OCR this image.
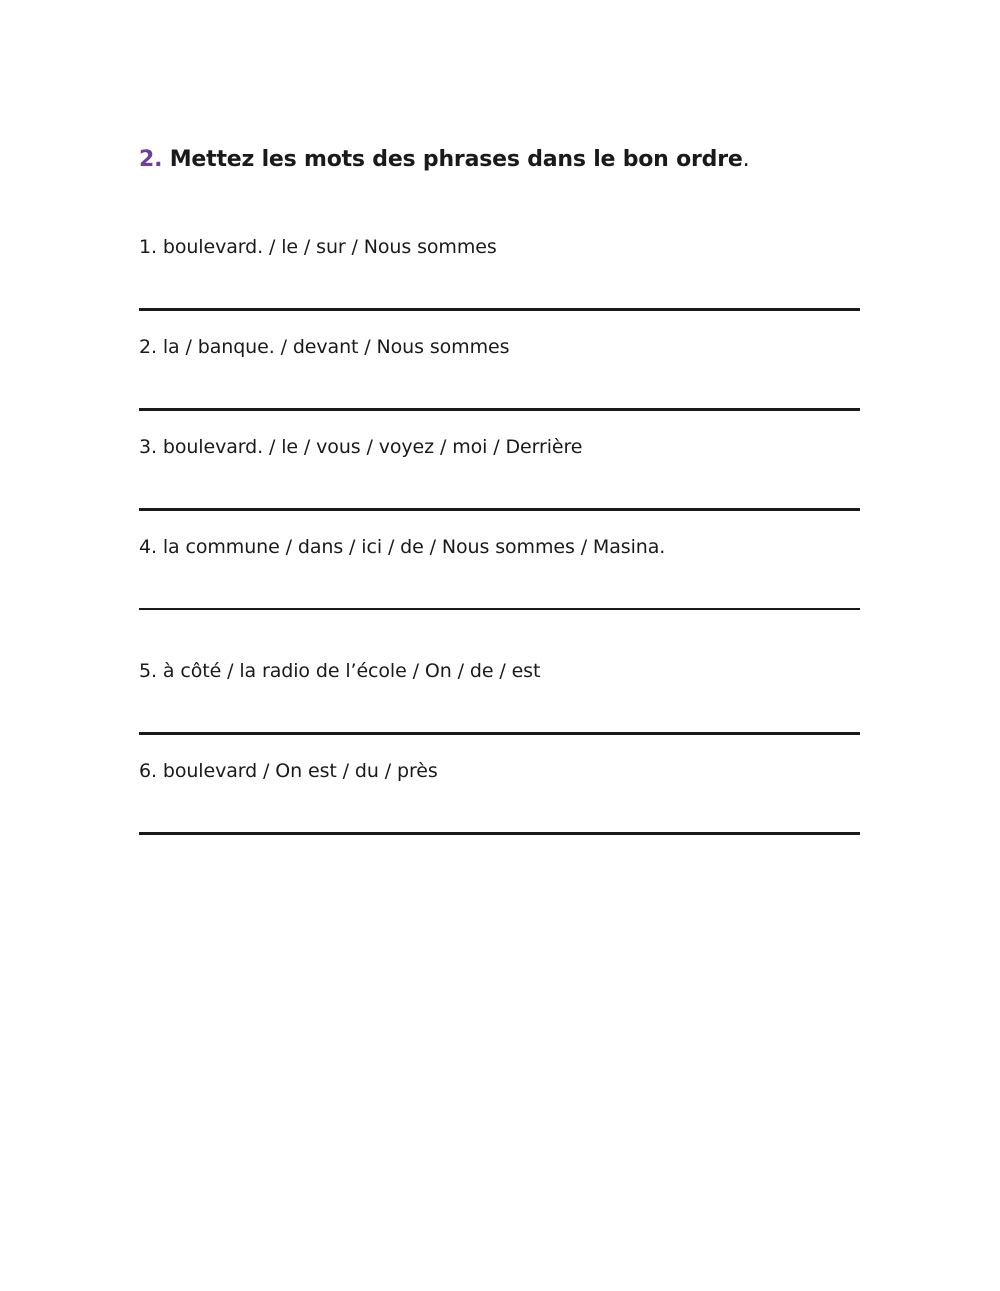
2. Mettez les mots des phrases dans le bon ordre.
1. boulevard. / le / sur / Nous sommes
2. la / banque. / devant / Nous sommes
3. boulevard. / le / vous / voyez / moi / Derrière
4. la commune / dans / ici / de / Nous sommes / Masina.
5. à côté / la radio de l’école / On / de / est
6. boulevard / On est / du / près
